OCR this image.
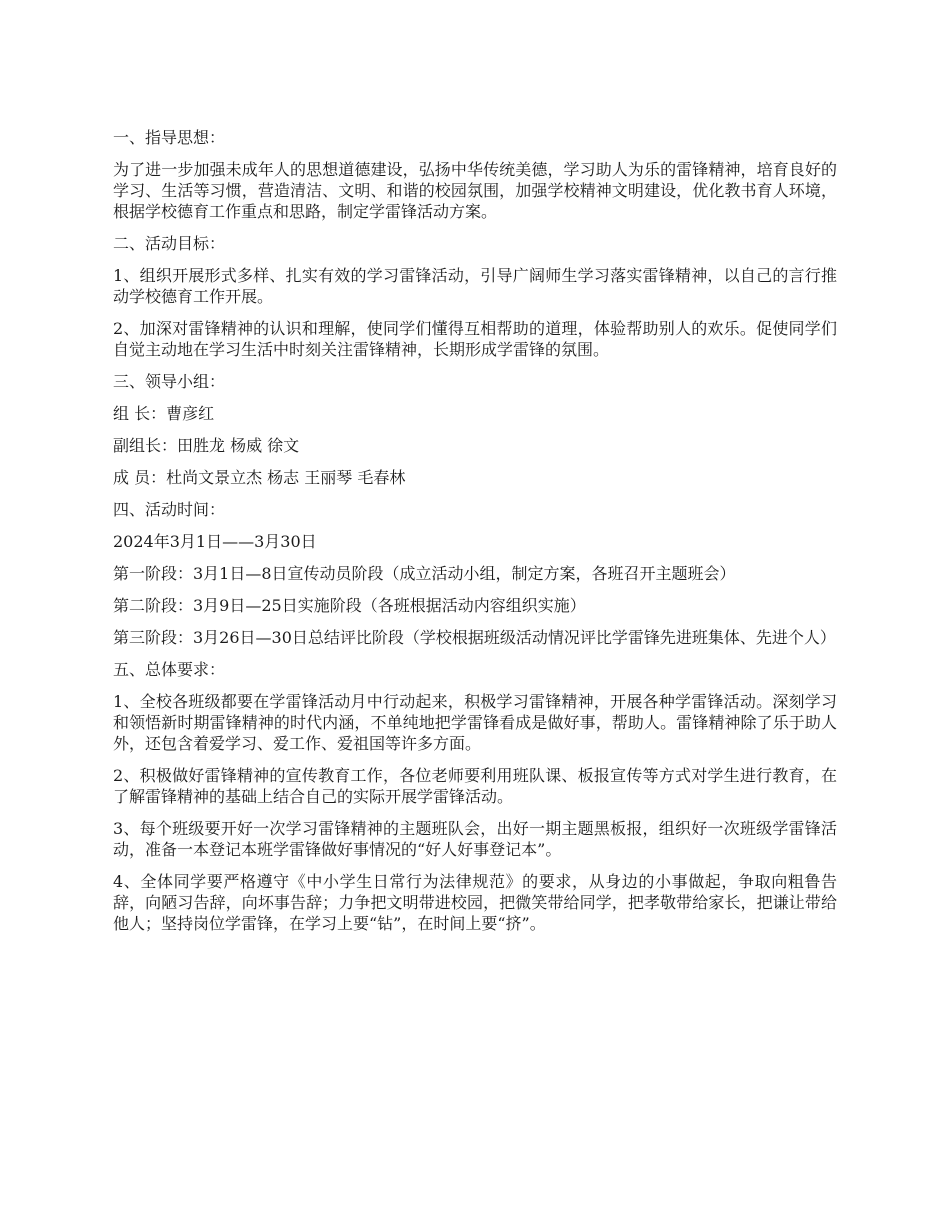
一、指导思想：

为了进一步加强未成年人的思想道德建设，弘扬中华传统美德，学习助人为乐的雷锋精神，培育良好的学习、生活等习惯，营造清洁、文明、和谐的校园氛围，加强学校精神文明建设，优化教书育人环境，根据学校德育工作重点和思路，制定学雷锋活动方案。

二、活动目标：

1、组织开展形式多样、扎实有效的学习雷锋活动，引导广阔师生学习落实雷锋精神，以自己的言行推动学校德育工作开展。

2、加深对雷锋精神的认识和理解，使同学们懂得互相帮助的道理，体验帮助别人的欢乐。促使同学们自觉主动地在学习生活中时刻关注雷锋精神，长期形成学雷锋的氛围。

三、领导小组：

组 长：曹彦红

副组长：田胜龙 杨威 徐文

成 员：杜尚文景立杰 杨志 王丽琴 毛春林

四、活动时间：

2024年3月1日——3月30日

第一阶段：3月1日—8日宣传动员阶段（成立活动小组，制定方案，各班召开主题班会）

第二阶段：3月9日—25日实施阶段（各班根据活动内容组织实施）

第三阶段：3月26日—30日总结评比阶段（学校根据班级活动情况评比学雷锋先进班集体、先进个人）

五、总体要求：

1、全校各班级都要在学雷锋活动月中行动起来，积极学习雷锋精神，开展各种学雷锋活动。深刻学习和领悟新时期雷锋精神的时代内涵，不单纯地把学雷锋看成是做好事，帮助人。雷锋精神除了乐于助人外，还包含着爱学习、爱工作、爱祖国等许多方面。

2、积极做好雷锋精神的宣传教育工作，各位老师要利用班队课、板报宣传等方式对学生进行教育，在了解雷锋精神的基础上结合自己的实际开展学雷锋活动。

3、每个班级要开好一次学习雷锋精神的主题班队会，出好一期主题黑板报，组织好一次班级学雷锋活动，准备一本登记本班学雷锋做好事情况的“好人好事登记本”。

4、全体同学要严格遵守《中小学生日常行为法律规范》的要求，从身边的小事做起，争取向粗鲁告辞，向陋习告辞，向坏事告辞；力争把文明带进校园，把微笑带给同学，把孝敬带给家长，把谦让带给他人；坚持岗位学雷锋，在学习上要“钻”，在时间上要“挤”。
